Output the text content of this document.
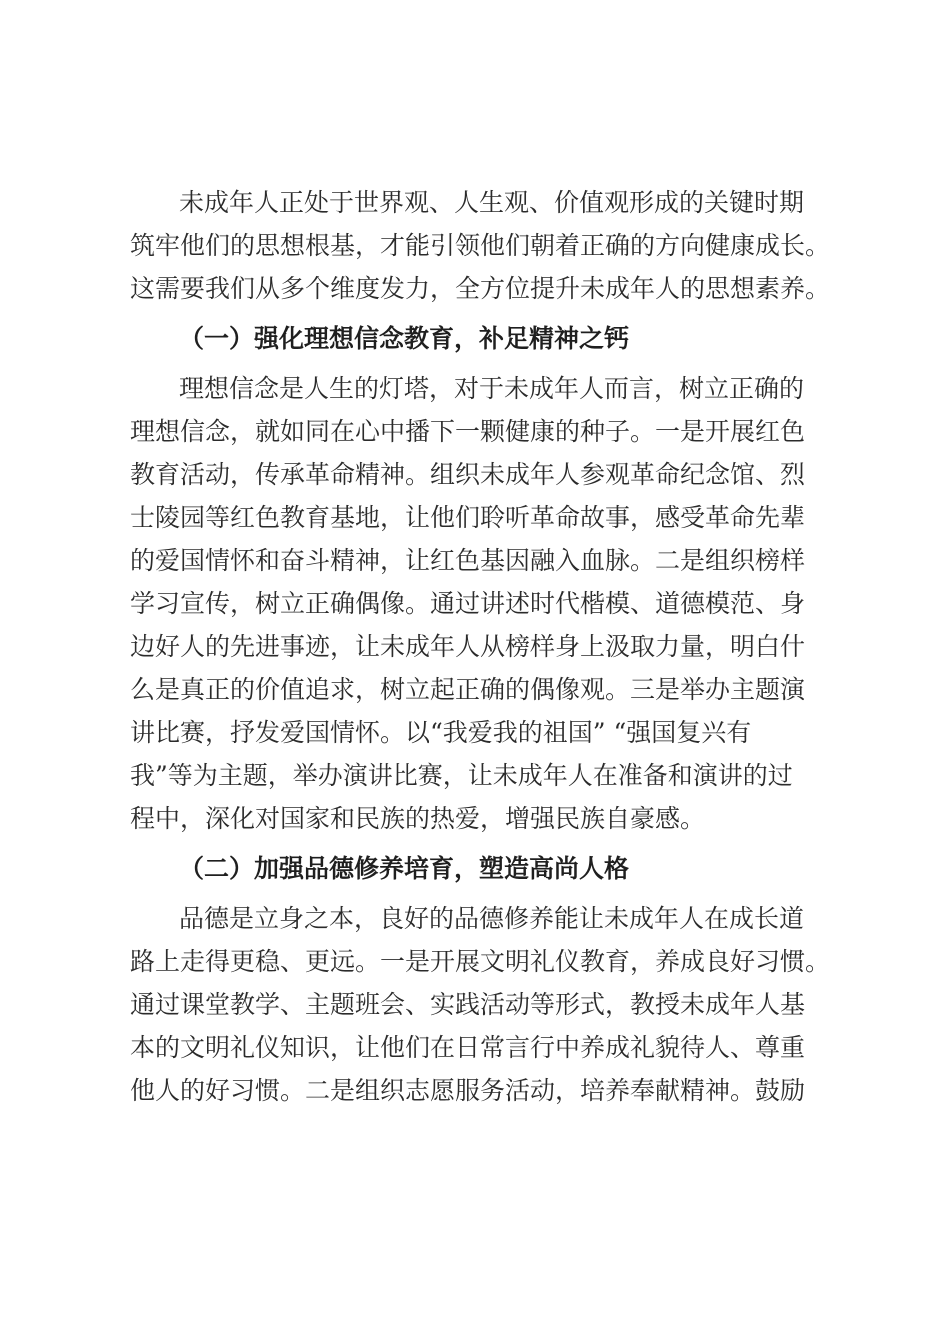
未成年人正处于世界观、人生观、价值观形成的关键时期
筑牢他们的思想根基，才能引领他们朝着正确的方向健康成长。
这需要我们从多个维度发力，全方位提升未成年人的思想素养。
（一）强化理想信念教育，补足精神之钙
理想信念是人生的灯塔，对于未成年人而言，树立正确的
理想信念，就如同在心中播下一颗健康的种子。一是开展红色
教育活动，传承革命精神。组织未成年人参观革命纪念馆、烈
士陵园等红色教育基地，让他们聆听革命故事，感受革命先辈
的爱国情怀和奋斗精神，让红色基因融入血脉。二是组织榜样
学习宣传，树立正确偶像。通过讲述时代楷模、道德模范、身
边好人的先进事迹，让未成年人从榜样身上汲取力量，明白什
么是真正的价值追求，树立起正确的偶像观。三是举办主题演
讲比赛，抒发爱国情怀。以“我爱我的祖国” “强国复兴有
我”等为主题，举办演讲比赛，让未成年人在准备和演讲的过
程中，深化对国家和民族的热爱，增强民族自豪感。
（二）加强品德修养培育，塑造高尚人格
品德是立身之本，良好的品德修养能让未成年人在成长道
路上走得更稳、更远。一是开展文明礼仪教育，养成良好习惯。
通过课堂教学、主题班会、实践活动等形式，教授未成年人基
本的文明礼仪知识，让他们在日常言行中养成礼貌待人、尊重
他人的好习惯。二是组织志愿服务活动，培养奉献精神。鼓励
